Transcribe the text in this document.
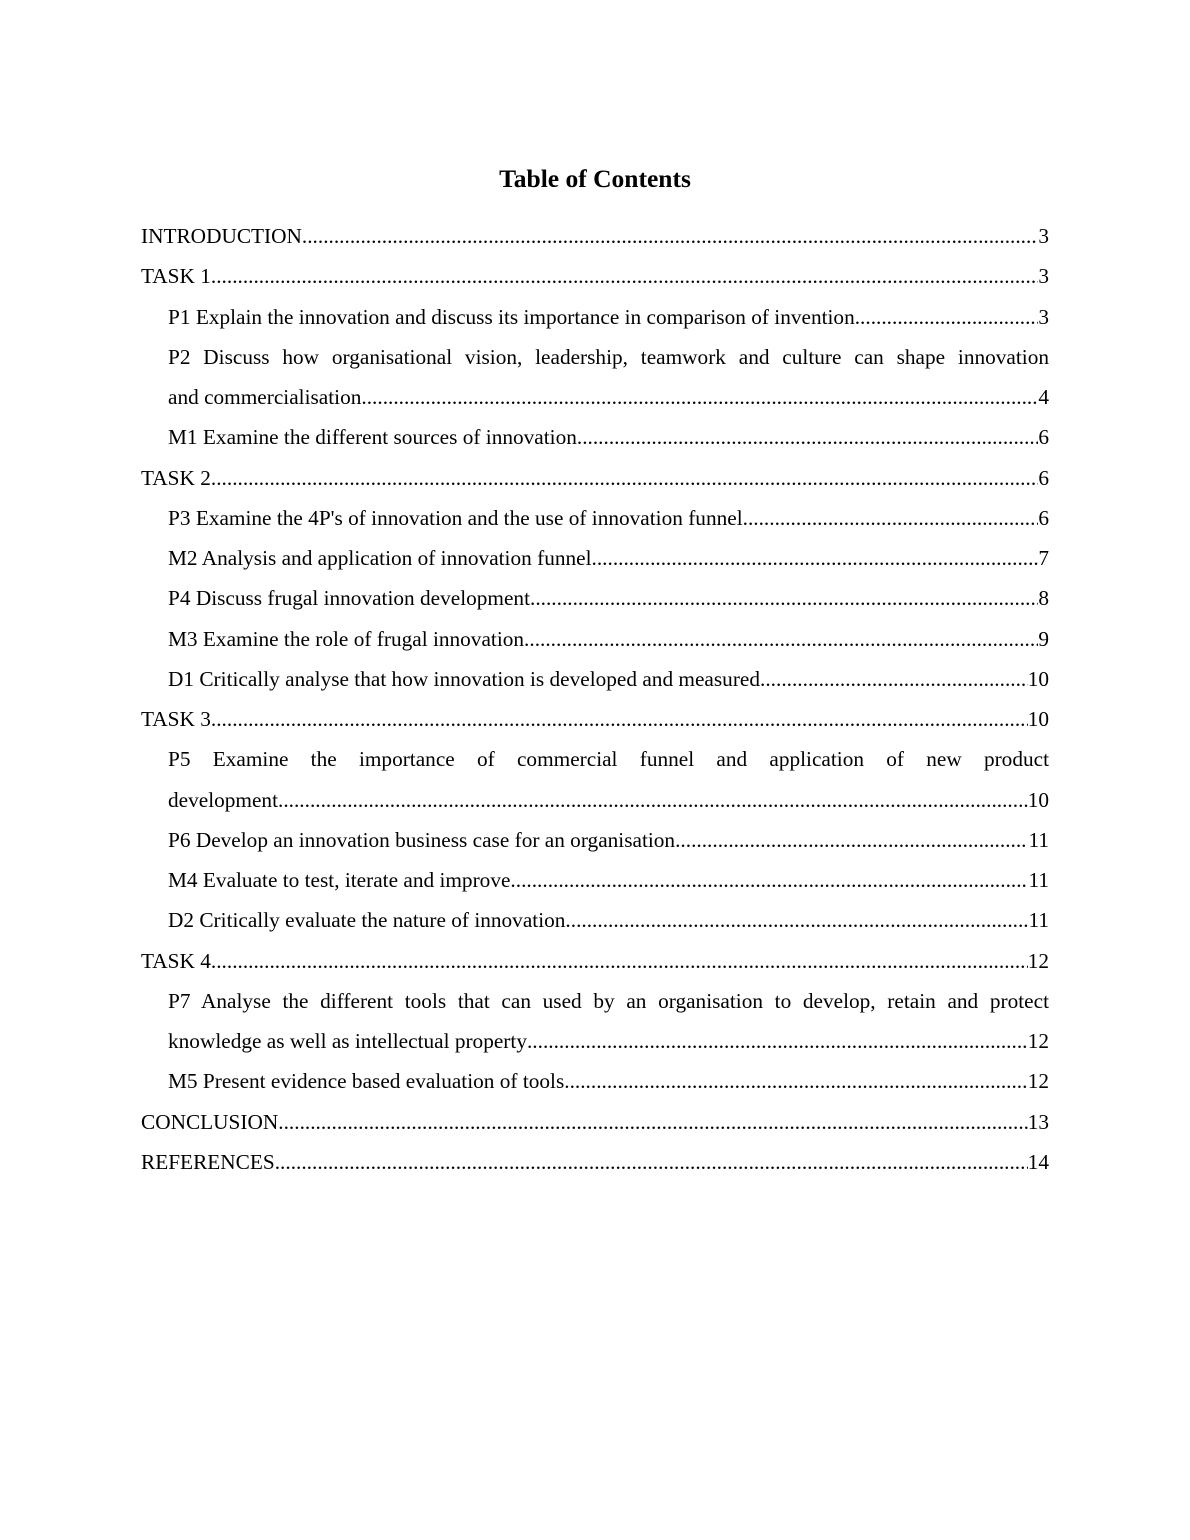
Table of Contents
INTRODUCTION .....	3
TASK 1 .....	3
P1 Explain the innovation and discuss its importance in comparison of invention. .....	3
P2 Discuss how organisational vision, leadership, teamwork and culture can shape innovation
and commercialisation .....	4
M1 Examine the different sources of innovation .....	6
TASK 2 .....	6
P3 Examine the 4P's of innovation and the use of innovation funnel .....	6
M2 Analysis and application of innovation funnel .....	7
P4 Discuss frugal innovation development .....	8
M3 Examine the role of frugal innovation .....	9
D1 Critically analyse that how innovation is developed and measured .....	10
TASK 3 .....	10
P5 Examine the importance of commercial funnel and application of new product
development .....	10
P6 Develop an innovation business case for an organisation .....	11
M4 Evaluate to test, iterate and improve .....	11
D2 Critically evaluate the nature of innovation .....	11
TASK 4 .....	12
P7 Analyse the different tools that can used by an organisation to develop, retain and protect
knowledge as well as intellectual property .....	12
M5 Present evidence based evaluation of tools .....	12
CONCLUSION .....	13
REFERENCES .....	14
